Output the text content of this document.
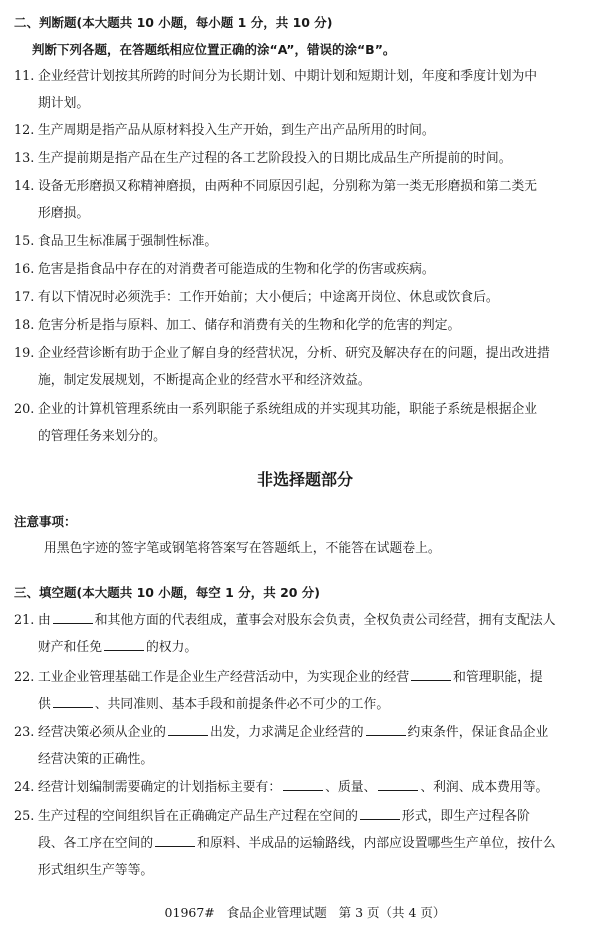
二、判断题(本大题共 10 小题，每小题 1 分，共 10 分)
判断下列各题，在答题纸相应位置正确的涂“A”，错误的涂“B”。
11. 企业经营计划按其所跨的时间分为长期计划、中期计划和短期计划，年度和季度计划为中
期计划。
12. 生产周期是指产品从原材料投入生产开始，到生产出产品所用的时间。
13. 生产提前期是指产品在生产过程的各工艺阶段投入的日期比成品生产所提前的时间。
14. 设备无形磨损又称精神磨损，由两种不同原因引起，分别称为第一类无形磨损和第二类无
形磨损。
15. 食品卫生标准属于强制性标准。
16. 危害是指食品中存在的对消费者可能造成的生物和化学的伤害或疾病。
17. 有以下情况时必须洗手：工作开始前；大小便后；中途离开岗位、休息或饮食后。
18. 危害分析是指与原料、加工、储存和消费有关的生物和化学的危害的判定。
19. 企业经营诊断有助于企业了解自身的经营状况，分析、研究及解决存在的问题，提出改进措
施，制定发展规划，不断提高企业的经营水平和经济效益。
20. 企业的计算机管理系统由一系列职能子系统组成的并实现其功能，职能子系统是根据企业
的管理任务来划分的。
非选择题部分
注意事项：
用黑色字迹的签字笔或钢笔将答案写在答题纸上，不能答在试题卷上。
三、填空题(本大题共 10 小题，每空 1 分，共 20 分)
21. 由	和其他方面的代表组成，董事会对股东会负责，全权负责公司经营，拥有支配法人
财产和任免	的权力。
22. 工业企业管理基础工作是企业生产经营活动中，为实现企业的经营	和管理职能，提
供	、共同准则、基本手段和前提条件必不可少的工作。
23. 经营决策必须从企业的	出发，力求满足企业经营的	约束条件，保证食品企业
经营决策的正确性。
24. 经营计划编制需要确定的计划指标主要有：	、质量、	、利润、成本费用等。
25. 生产过程的空间组织旨在正确确定产品生产过程在空间的	形式，即生产过程各阶
段、各工序在空间的	和原料、半成品的运输路线，内部应设置哪些生产单位，按什么
形式组织生产等等。
01967#   食品企业管理试题   第 3 页（共 4 页）
